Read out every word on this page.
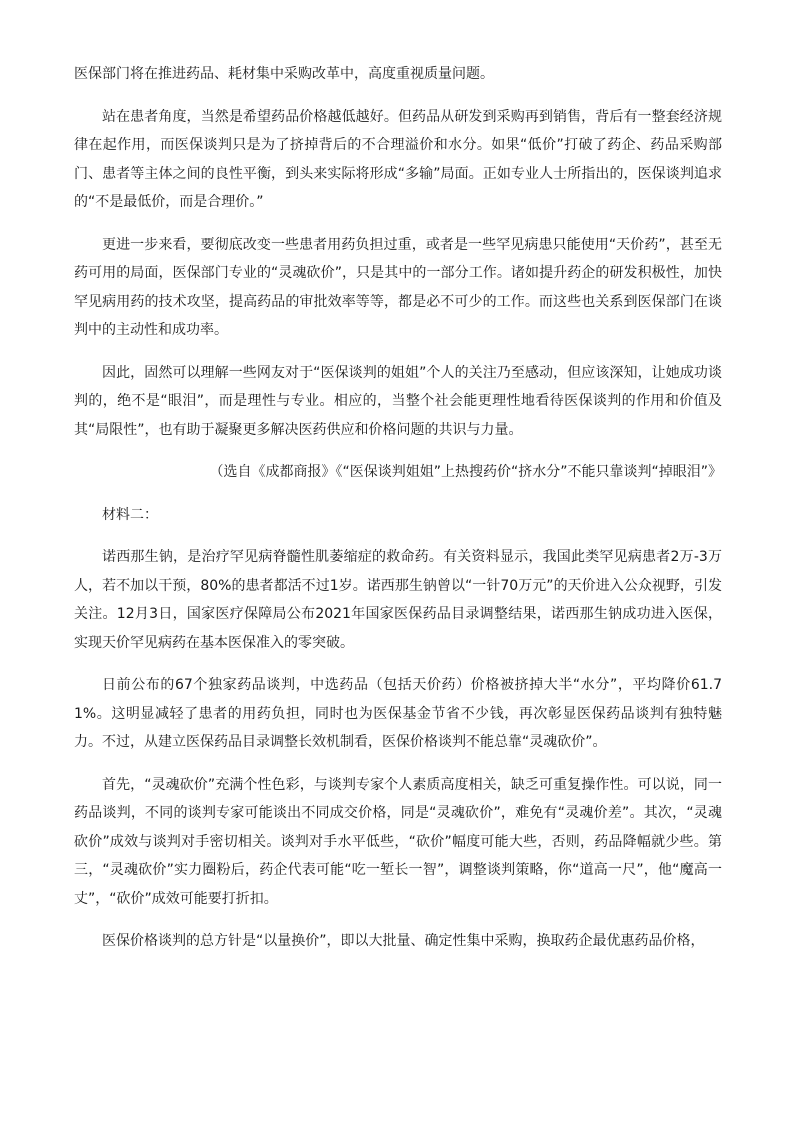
医保部门将在推进药品、耗材集中采购改革中，高度重视质量问题。

站在患者角度，当然是希望药品价格越低越好。但药品从研发到采购再到销售，背后有一整套经济规律在起作用，而医保谈判只是为了挤掉背后的不合理溢价和水分。如果“低价”打破了药企、药品采购部门、患者等主体之间的良性平衡，到头来实际将形成“多输”局面。正如专业人士所指出的，医保谈判追求的“不是最低价，而是合理价。”

更进一步来看，要彻底改变一些患者用药负担过重，或者是一些罕见病患只能使用“天价药”，甚至无药可用的局面，医保部门专业的“灵魂砍价”，只是其中的一部分工作。诸如提升药企的研发积极性，加快罕见病用药的技术攻坚，提高药品的审批效率等等，都是必不可少的工作。而这些也关系到医保部门在谈判中的主动性和成功率。

因此，固然可以理解一些网友对于“医保谈判的姐姐”个人的关注乃至感动，但应该深知，让她成功谈判的，绝不是“眼泪”，而是理性与专业。相应的，当整个社会能更理性地看待医保谈判的作用和价值及其“局限性”，也有助于凝聚更多解决医药供应和价格问题的共识与力量。

（选自《成都商报》《“医保谈判姐姐”上热搜药价“挤水分”不能只靠谈判“掉眼泪”》

材料二：

诺西那生钠，是治疗罕见病脊髓性肌萎缩症的救命药。有关资料显示，我国此类罕见病患者2万-3万人，若不加以干预，80%的患者都活不过1岁。诺西那生钠曾以“一针70万元”的天价进入公众视野，引发关注。12月3日，国家医疗保障局公布2021年国家医保药品目录调整结果，诺西那生钠成功进入医保，实现天价罕见病药在基本医保准入的零突破。

日前公布的67个独家药品谈判，中选药品（包括天价药）价格被挤掉大半“水分”，平均降价61.71%。这明显减轻了患者的用药负担，同时也为医保基金节省不少钱，再次彰显医保药品谈判有独特魅力。不过，从建立医保药品目录调整长效机制看，医保价格谈判不能总靠“灵魂砍价”。

首先，“灵魂砍价”充满个性色彩，与谈判专家个人素质高度相关，缺乏可重复操作性。可以说，同一药品谈判，不同的谈判专家可能谈出不同成交价格，同是“灵魂砍价”，难免有“灵魂价差”。其次，“灵魂砍价”成效与谈判对手密切相关。谈判对手水平低些，“砍价”幅度可能大些，否则，药品降幅就少些。第三，“灵魂砍价”实力圈粉后，药企代表可能“吃一堑长一智”，调整谈判策略，你“道高一尺”，他“魔高一丈”，“砍价”成效可能要打折扣。

医保价格谈判的总方针是“以量换价”，即以大批量、确定性集中采购，换取药企最优惠药品价格，
